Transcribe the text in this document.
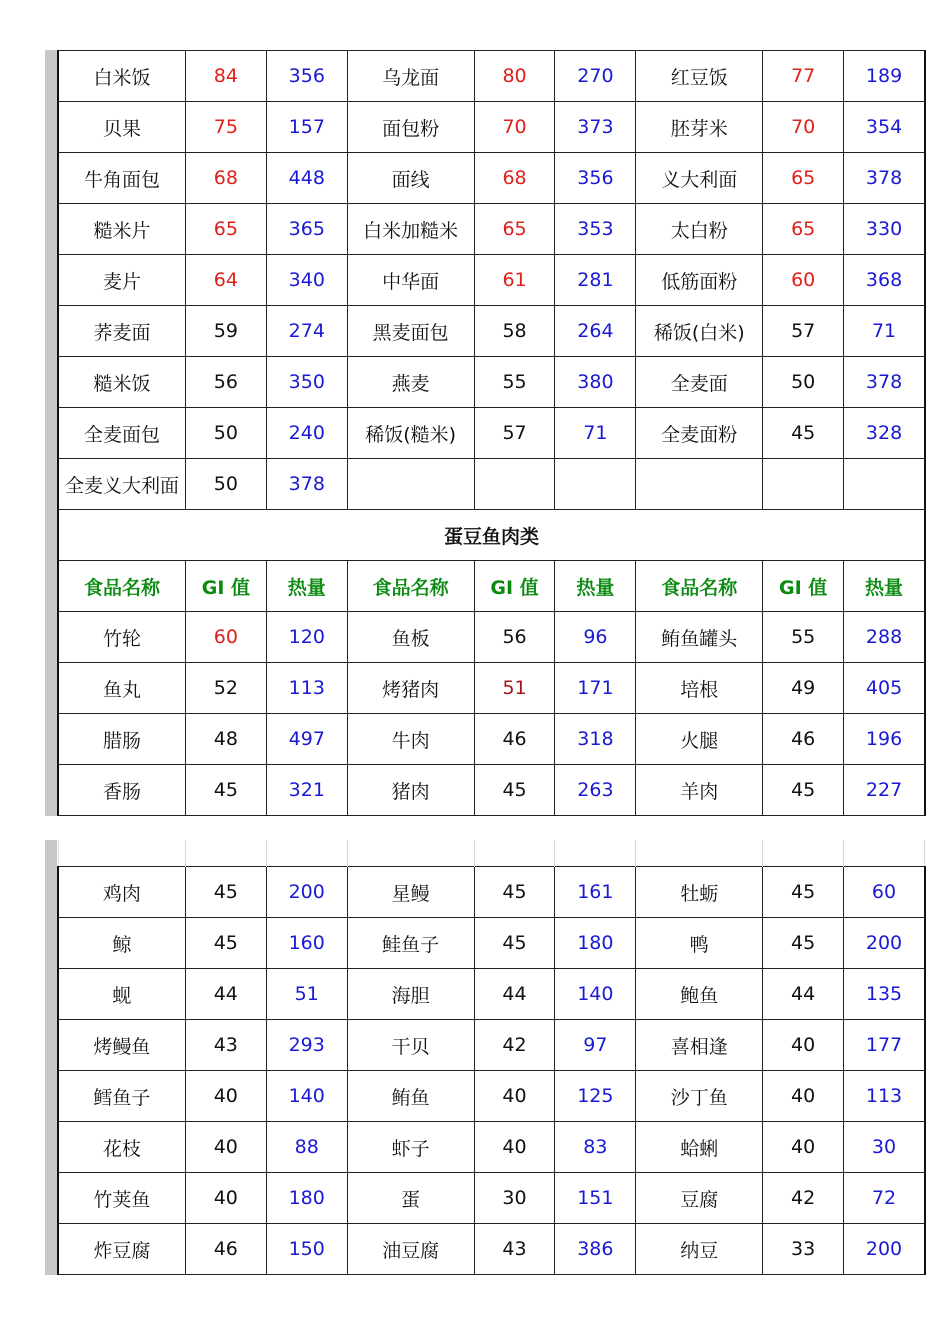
白米饭	84	356	乌龙面	80	270	红豆饭	77	189	
贝果	75	157	面包粉	70	373	胚芽米	70	354	
牛角面包	68	448	面线	68	356	义大利面	65	378	
糙米片	65	365	白米加糙米	65	353	太白粉	65	330	
麦片	64	340	中华面	61	281	低筋面粉	60	368	
荞麦面	59	274	黑麦面包	58	264	稀饭(白米)	57	71	
糙米饭	56	350	燕麦	55	380	全麦面	50	378	
全麦面包	50	240	稀饭(糙米)	57	71	全麦面粉	45	328	
全麦义大利面	50	378							
蛋豆鱼肉类									
食品名称	GI 值	热量	食品名称	GI 值	热量	食品名称	GI 值	热量	
竹轮	60	120	鱼板	56	96	鲔鱼罐头	55	288	
鱼丸	52	113	烤猪肉	51	171	培根	49	405	
腊肠	48	497	牛肉	46	318	火腿	46	196	
香肠	45	321	猪肉	45	263	羊肉	45	227	

鸡肉	45	200	星鳗	45	161	牡蛎	45	60	
鲸	45	160	鲑鱼子	45	180	鸭	45	200	
蚬	44	51	海胆	44	140	鲍鱼	44	135	
烤鳗鱼	43	293	干贝	42	97	喜相逢	40	177	
鳕鱼子	40	140	鲔鱼	40	125	沙丁鱼	40	113	
花枝	40	88	虾子	40	83	蛤蜊	40	30	
竹荚鱼	40	180	蛋	30	151	豆腐	42	72	
炸豆腐	46	150	油豆腐	43	386	纳豆	33	200	
